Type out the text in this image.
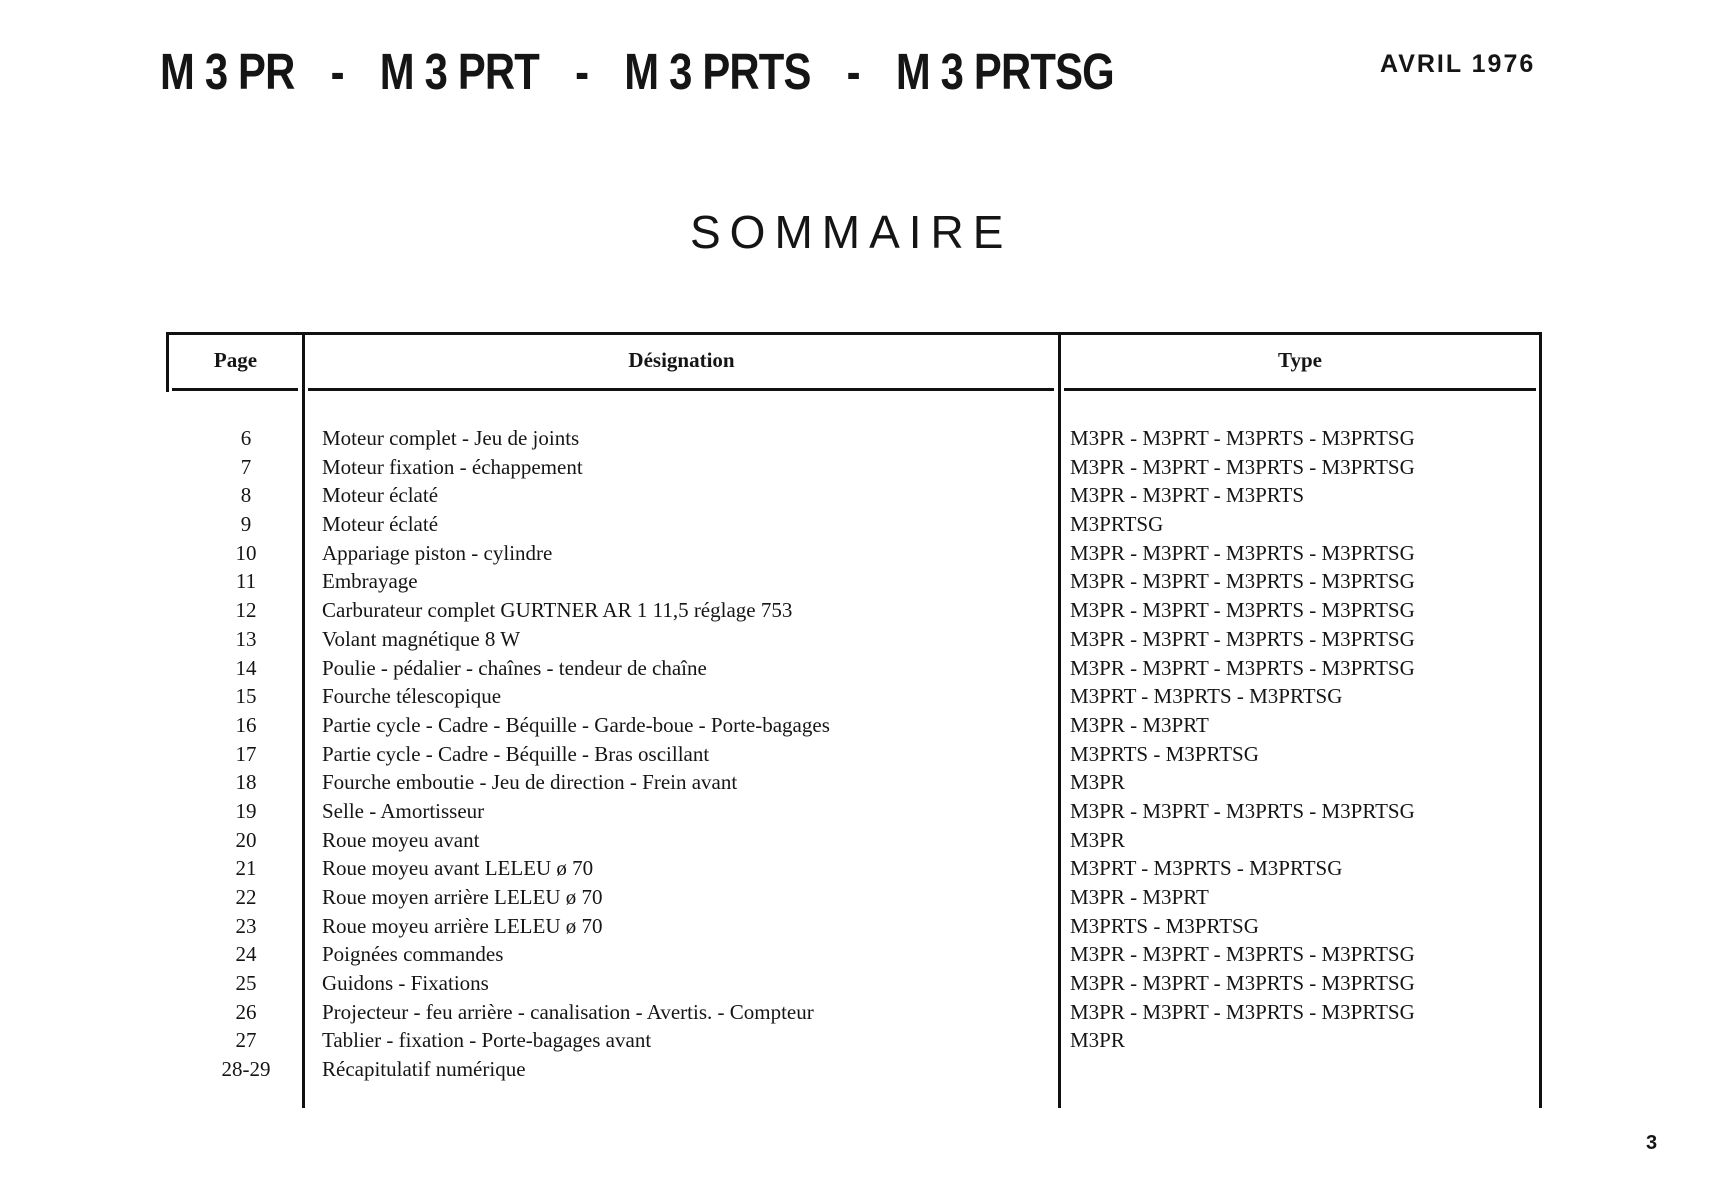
M 3 PR - M 3 PRT - M 3 PRTS - M 3 PRTSG	AVRIL 1976
SOMMAIRE
Page	Désignation	Type
6	Moteur complet - Jeu de joints	M3PR - M3PRT - M3PRTS - M3PRTSG
7	Moteur fixation - échappement	M3PR - M3PRT - M3PRTS - M3PRTSG
8	Moteur éclaté	M3PR - M3PRT - M3PRTS
9	Moteur éclaté	M3PRTSG
10	Appariage piston - cylindre	M3PR - M3PRT - M3PRTS - M3PRTSG
11	Embrayage	M3PR - M3PRT - M3PRTS - M3PRTSG
12	Carburateur complet GURTNER AR 1 11,5 réglage 753	M3PR - M3PRT - M3PRTS - M3PRTSG
13	Volant magnétique 8 W	M3PR - M3PRT - M3PRTS - M3PRTSG
14	Poulie - pédalier - chaînes - tendeur de chaîne	M3PR - M3PRT - M3PRTS - M3PRTSG
15	Fourche télescopique	M3PRT - M3PRTS - M3PRTSG
16	Partie cycle - Cadre - Béquille - Garde-boue - Porte-bagages	M3PR - M3PRT
17	Partie cycle - Cadre - Béquille - Bras oscillant	M3PRTS - M3PRTSG
18	Fourche emboutie - Jeu de direction - Frein avant	M3PR
19	Selle - Amortisseur	M3PR - M3PRT - M3PRTS - M3PRTSG
20	Roue moyeu avant	M3PR
21	Roue moyeu avant LELEU ø 70	M3PRT - M3PRTS - M3PRTSG
22	Roue moyen arrière LELEU ø 70	M3PR - M3PRT
23	Roue moyeu arrière LELEU ø 70	M3PRTS - M3PRTSG
24	Poignées commandes	M3PR - M3PRT - M3PRTS - M3PRTSG
25	Guidons - Fixations	M3PR - M3PRT - M3PRTS - M3PRTSG
26	Projecteur - feu arrière - canalisation - Avertis. - Compteur	M3PR - M3PRT - M3PRTS - M3PRTSG
27	Tablier - fixation - Porte-bagages avant	M3PR
28-29	Récapitulatif numérique
3
